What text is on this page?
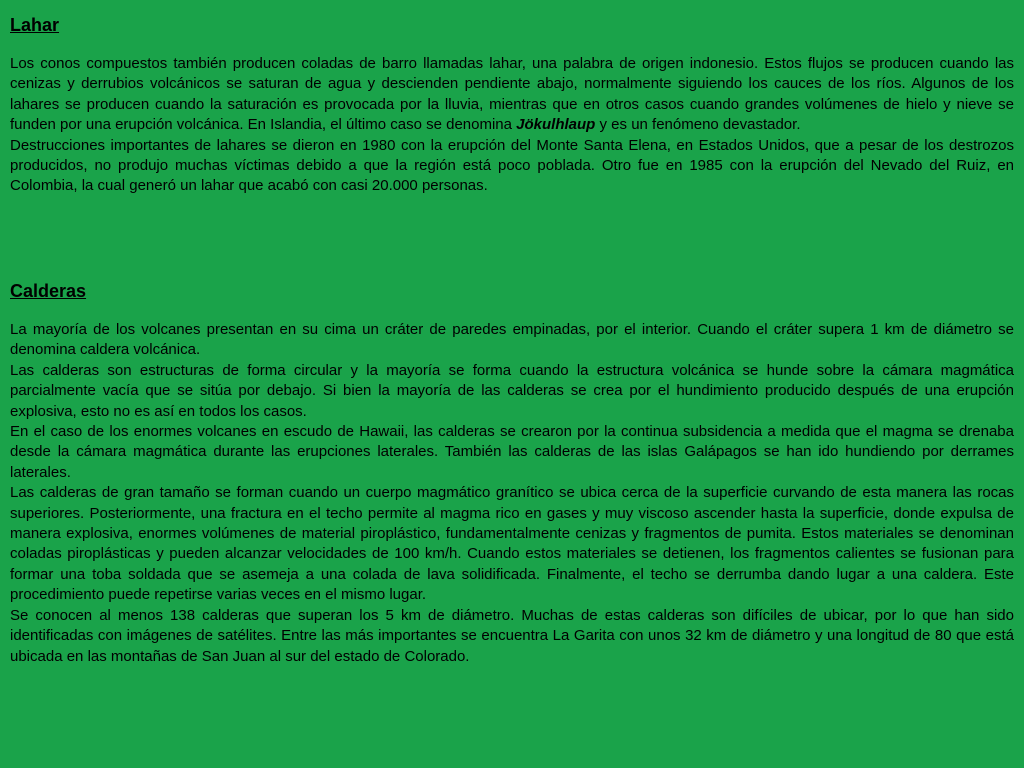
Lahar

Los conos compuestos también producen coladas de barro llamadas lahar, una palabra de origen indonesio. Estos flujos se producen cuando las cenizas y derrubios volcánicos se saturan de agua y descienden pendiente abajo, normalmente siguiendo los cauces de los ríos. Algunos de los lahares se producen cuando la saturación es provocada por la lluvia, mientras que en otros casos cuando grandes volúmenes de hielo y nieve se funden por una erupción volcánica. En Islandia, el último caso se denomina Jökulhlaup y es un fenómeno devastador.

Destrucciones importantes de lahares se dieron en 1980 con la erupción del Monte Santa Elena, en Estados Unidos, que a pesar de los destrozos producidos, no produjo muchas víctimas debido a que la región está poco poblada. Otro fue en 1985 con la erupción del Nevado del Ruiz, en Colombia, la cual generó un lahar que acabó con casi 20.000 personas.

Calderas

La mayoría de los volcanes presentan en su cima un cráter de paredes empinadas, por el interior. Cuando el cráter supera 1 km de diámetro se denomina caldera volcánica.

Las calderas son estructuras de forma circular y la mayoría se forma cuando la estructura volcánica se hunde sobre la cámara magmática parcialmente vacía que se sitúa por debajo. Si bien la mayoría de las calderas se crea por el hundimiento producido después de una erupción explosiva, esto no es así en todos los casos.

En el caso de los enormes volcanes en escudo de Hawaii, las calderas se crearon por la continua subsidencia a medida que el magma se drenaba desde la cámara magmática durante las erupciones laterales. También las calderas de las islas Galápagos se han ido hundiendo por derrames laterales.

Las calderas de gran tamaño se forman cuando un cuerpo magmático granítico se ubica cerca de la superficie curvando de esta manera las rocas superiores. Posteriormente, una fractura en el techo permite al magma rico en gases y muy viscoso ascender hasta la superficie, donde expulsa de manera explosiva, enormes volúmenes de material piroplástico, fundamentalmente cenizas y fragmentos de pumita. Estos materiales se denominan coladas piroplásticas y pueden alcanzar velocidades de 100 km/h. Cuando estos materiales se detienen, los fragmentos calientes se fusionan para formar una toba soldada que se asemeja a una colada de lava solidificada. Finalmente, el techo se derrumba dando lugar a una caldera. Este procedimiento puede repetirse varias veces en el mismo lugar.

Se conocen al menos 138 calderas que superan los 5 km de diámetro. Muchas de estas calderas son difíciles de ubicar, por lo que han sido identificadas con imágenes de satélites. Entre las más importantes se encuentra La Garita con unos 32 km de diámetro y una longitud de 80 que está ubicada en las montañas de San Juan al sur del estado de Colorado.
